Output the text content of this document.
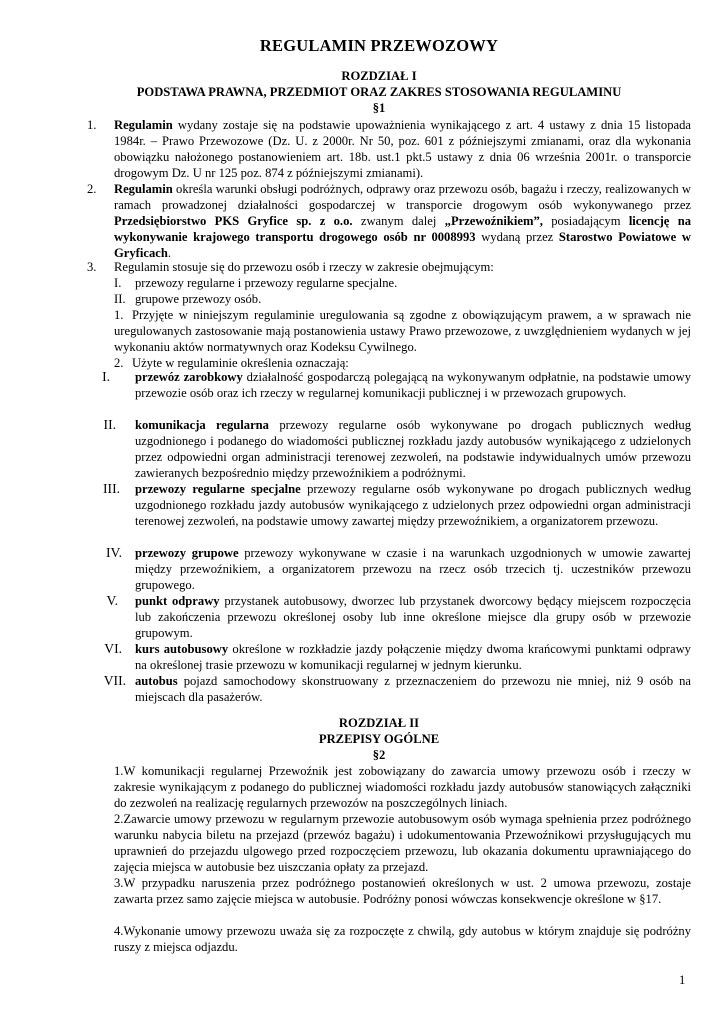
REGULAMIN PRZEWOZOWY
ROZDZIAŁ I
PODSTAWA PRAWNA, PRZEDMIOT ORAZ ZAKRES STOSOWANIA REGULAMINU
§1
1. Regulamin wydany zostaje się na podstawie upoważnienia wynikającego z art. 4 ustawy z dnia 15 listopada 1984r. – Prawo Przewozowe (Dz. U. z 2000r. Nr 50, poz. 601 z późniejszymi zmianami, oraz dla wykonania obowiązku nałożonego postanowieniem art. 18b. ust.1 pkt.5 ustawy z dnia 06 września 2001r. o transporcie drogowym Dz. U nr 125 poz. 874 z późniejszymi zmianami).
2. Regulamin określa warunki obsługi podróżnych, odprawy oraz przewozu osób, bagażu i rzeczy, realizowanych w ramach prowadzonej działalności gospodarczej w transporcie drogowym osób wykonywanego przez Przedsiębiorstwo PKS Gryfice sp. z o.o. zwanym dalej „Przewoźnikiem”, posiadającym licencję na wykonywanie krajowego transportu drogowego osób nr 0008993 wydaną przez Starostwo Powiatowe w Gryficach.
3. Regulamin stosuje się do przewozu osób i rzeczy w zakresie obejmującym:
I. przewozy regularne i przewozy regularne specjalne.
II. grupowe przewozy osób.
1. Przyjęte w niniejszym regulaminie uregulowania są zgodne z obowiązującym prawem, a w sprawach nie uregulowanych zastosowanie mają postanowienia ustawy Prawo przewozowe, z uwzględnieniem wydanych w jej wykonaniu aktów normatywnych oraz Kodeksu Cywilnego.
2. Użyte w regulaminie określenia oznaczają:
I. przewóz zarobkowy działalność gospodarczą polegającą na wykonywanym odpłatnie, na podstawie umowy przewozie osób oraz ich rzeczy w regularnej komunikacji publicznej i w przewozach grupowych.
II. komunikacja regularna przewozy regularne osób wykonywane po drogach publicznych według uzgodnionego i podanego do wiadomości publicznej rozkładu jazdy autobusów wynikającego z udzielonych przez odpowiedni organ administracji terenowej zezwoleń, na podstawie indywidualnych umów przewozu zawieranych bezpośrednio między przewoźnikiem a podróżnymi.
III. przewozy regularne specjalne przewozy regularne osób wykonywane po drogach publicznych według uzgodnionego rozkładu jazdy autobusów wynikającego z udzielonych przez odpowiedni organ administracji terenowej zezwoleń, na podstawie umowy zawartej między przewoźnikiem, a organizatorem przewozu.
IV. przewozy grupowe przewozy wykonywane w czasie i na warunkach uzgodnionych w umowie zawartej między przewoźnikiem, a organizatorem przewozu na rzecz osób trzecich tj. uczestników przewozu grupowego.
V. punkt odprawy przystanek autobusowy, dworzec lub przystanek dworcowy będący miejscem rozpoczęcia lub zakończenia przewozu określonej osoby lub inne określone miejsce dla grupy osób w przewozie grupowym.
VI. kurs autobusowy określone w rozkładzie jazdy połączenie między dwoma krańcowymi punktami odprawy na określonej trasie przewozu w komunikacji regularnej w jednym kierunku.
VII. autobus pojazd samochodowy skonstruowany z przeznaczeniem do przewozu nie mniej, niż 9 osób na miejscach dla pasażerów.
ROZDZIAŁ II
PRZEPISY OGÓLNE
§2
1.W komunikacji regularnej Przewoźnik jest zobowiązany do zawarcia umowy przewozu osób i rzeczy w zakresie wynikającym z podanego do publicznej wiadomości rozkładu jazdy autobusów stanowiących załączniki do zezwoleń na realizację regularnych przewozów na poszczególnych liniach.
2.Zawarcie umowy przewozu w regularnym przewozie autobusowym osób wymaga spełnienia przez podróżnego warunku nabycia biletu na przejazd (przewóz bagażu) i udokumentowania Przewoźnikowi przysługujących mu uprawnień do przejazdu ulgowego przed rozpoczęciem przewozu, lub okazania dokumentu uprawniającego do zajęcia miejsca w autobusie bez uiszczania opłaty za przejazd.
3.W przypadku naruszenia przez podróżnego postanowień określonych w ust. 2 umowa przewozu, zostaje zawarta przez samo zajęcie miejsca w autobusie. Podróżny ponosi wówczas konsekwencje określone w §17.
4.Wykonanie umowy przewozu uważa się za rozpoczęte z chwilą, gdy autobus w którym znajduje się podróżny ruszy z miejsca odjazdu.
1
